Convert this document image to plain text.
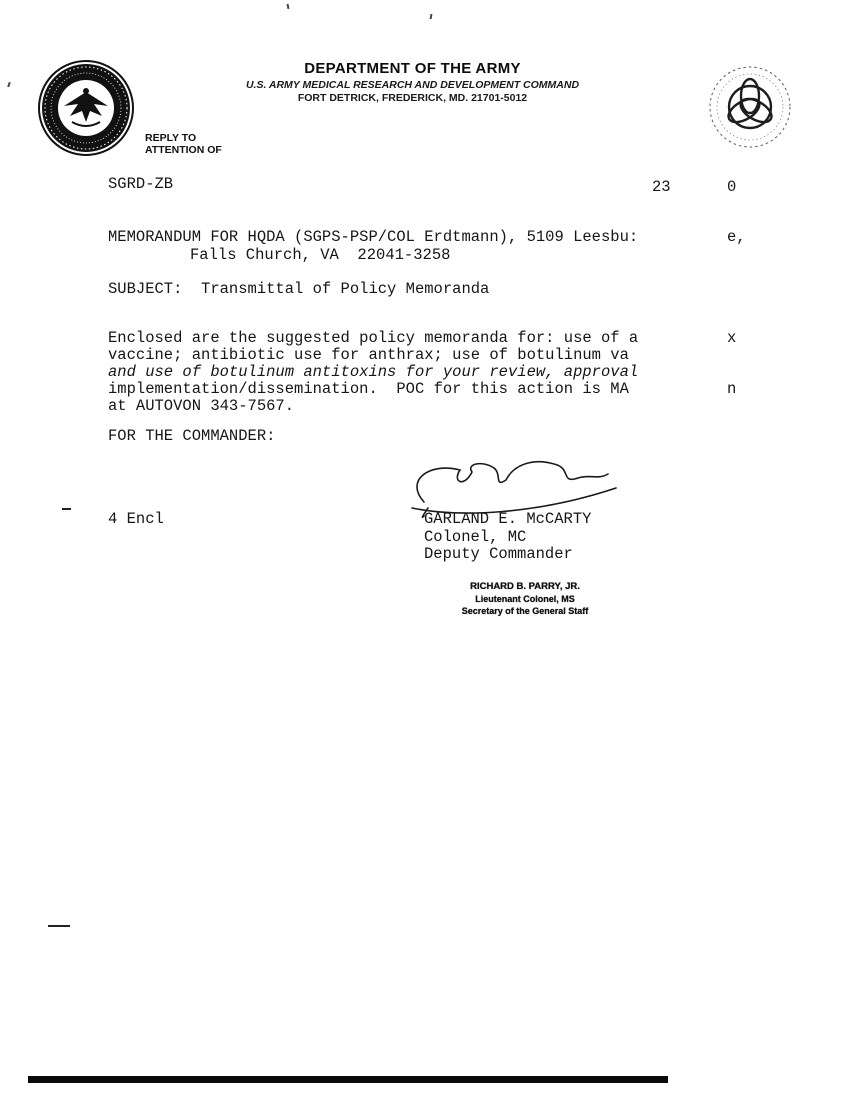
DEPARTMENT OF THE ARMY
U.S. ARMY MEDICAL RESEARCH AND DEVELOPMENT COMMAND
FORT DETRICK, FREDERICK, MD. 21701-5012
REPLY TO
ATTENTION OF
SGRD-ZB	23	0
MEMORANDUM FOR HQDA (SGPS-PSP/COL Erdtmann), 5109 Leesbu:	e,
Falls Church, VA  22041-3258
SUBJECT:  Transmittal of Policy Memoranda
Enclosed are the suggested policy memoranda for: use of a	x
vaccine; antibiotic use for anthrax; use of botulinum va
and use of botulinum antitoxins for your review, approval
implementation/dissemination.  POC for this action is MA	n
at AUTOVON 343-7567.
FOR THE COMMANDER:
4 Encl	GARLAND E. McCARTY
Colonel, MC
Deputy Commander
RICHARD B. PARRY, JR.
Lieutenant Colonel, MS
Secretary of the General Staff
